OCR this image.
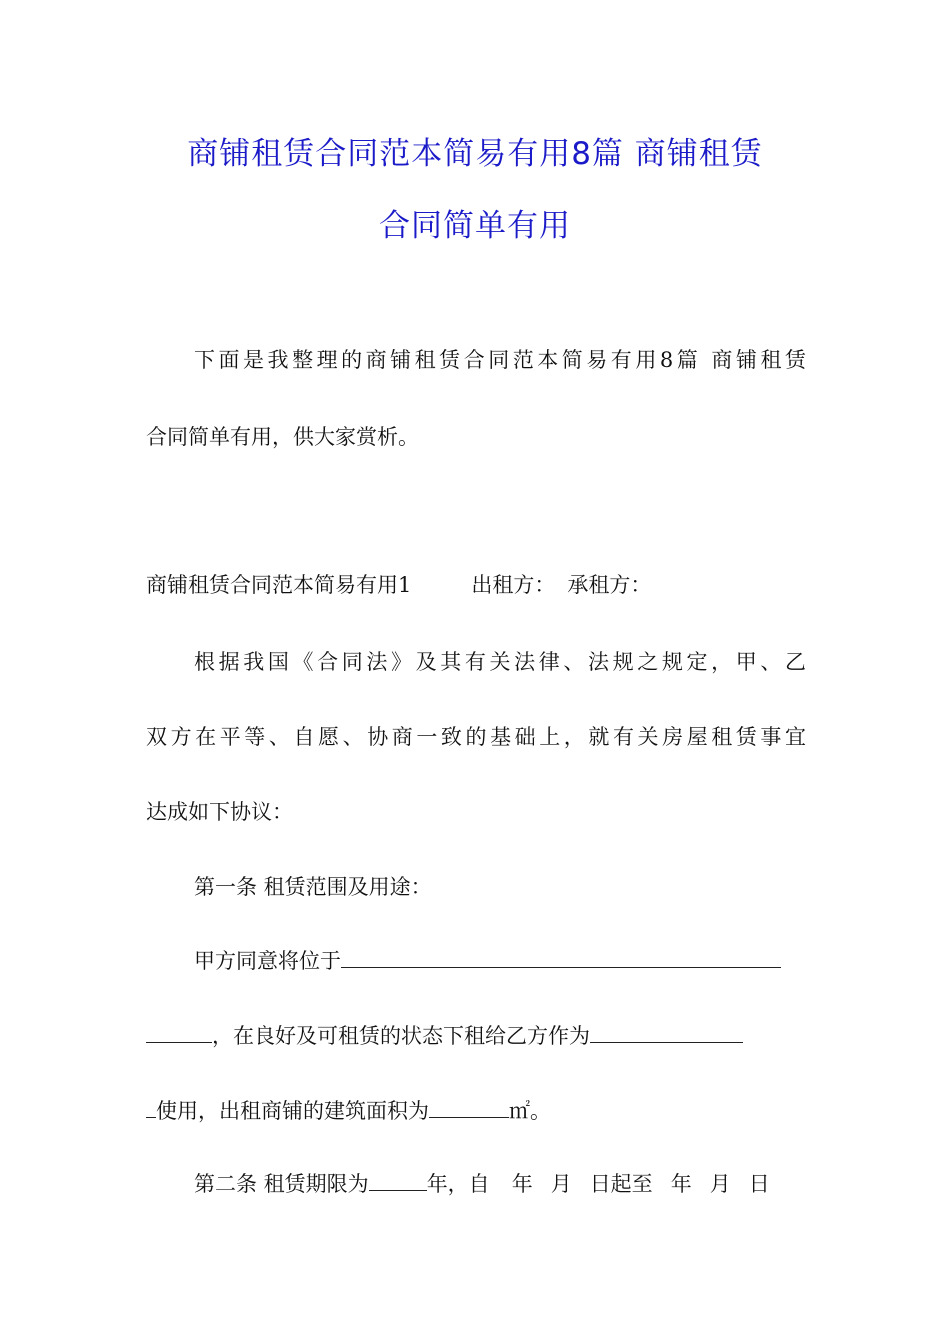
商铺租赁合同范本简易有用8篇 商铺租赁
合同简单有用
下面是我整理的商铺租赁合同范本简易有用8篇 商铺租赁
合同简单有用，供大家赏析。
商铺租赁合同范本简易有用1	出租方： 承租方：
根据我国《合同法》及其有关法律、法规之规定，甲、乙
双方在平等、自愿、协商一致的基础上，就有关房屋租赁事宜
达成如下协议：
第一条 租赁范围及用途：
甲方同意将位于
，在良好及可租赁的状态下租给乙方作为
使用，出租商铺的建筑面积为	㎡。
第二条 租赁期限为	年，自 年 月 日起至 年 月 日
